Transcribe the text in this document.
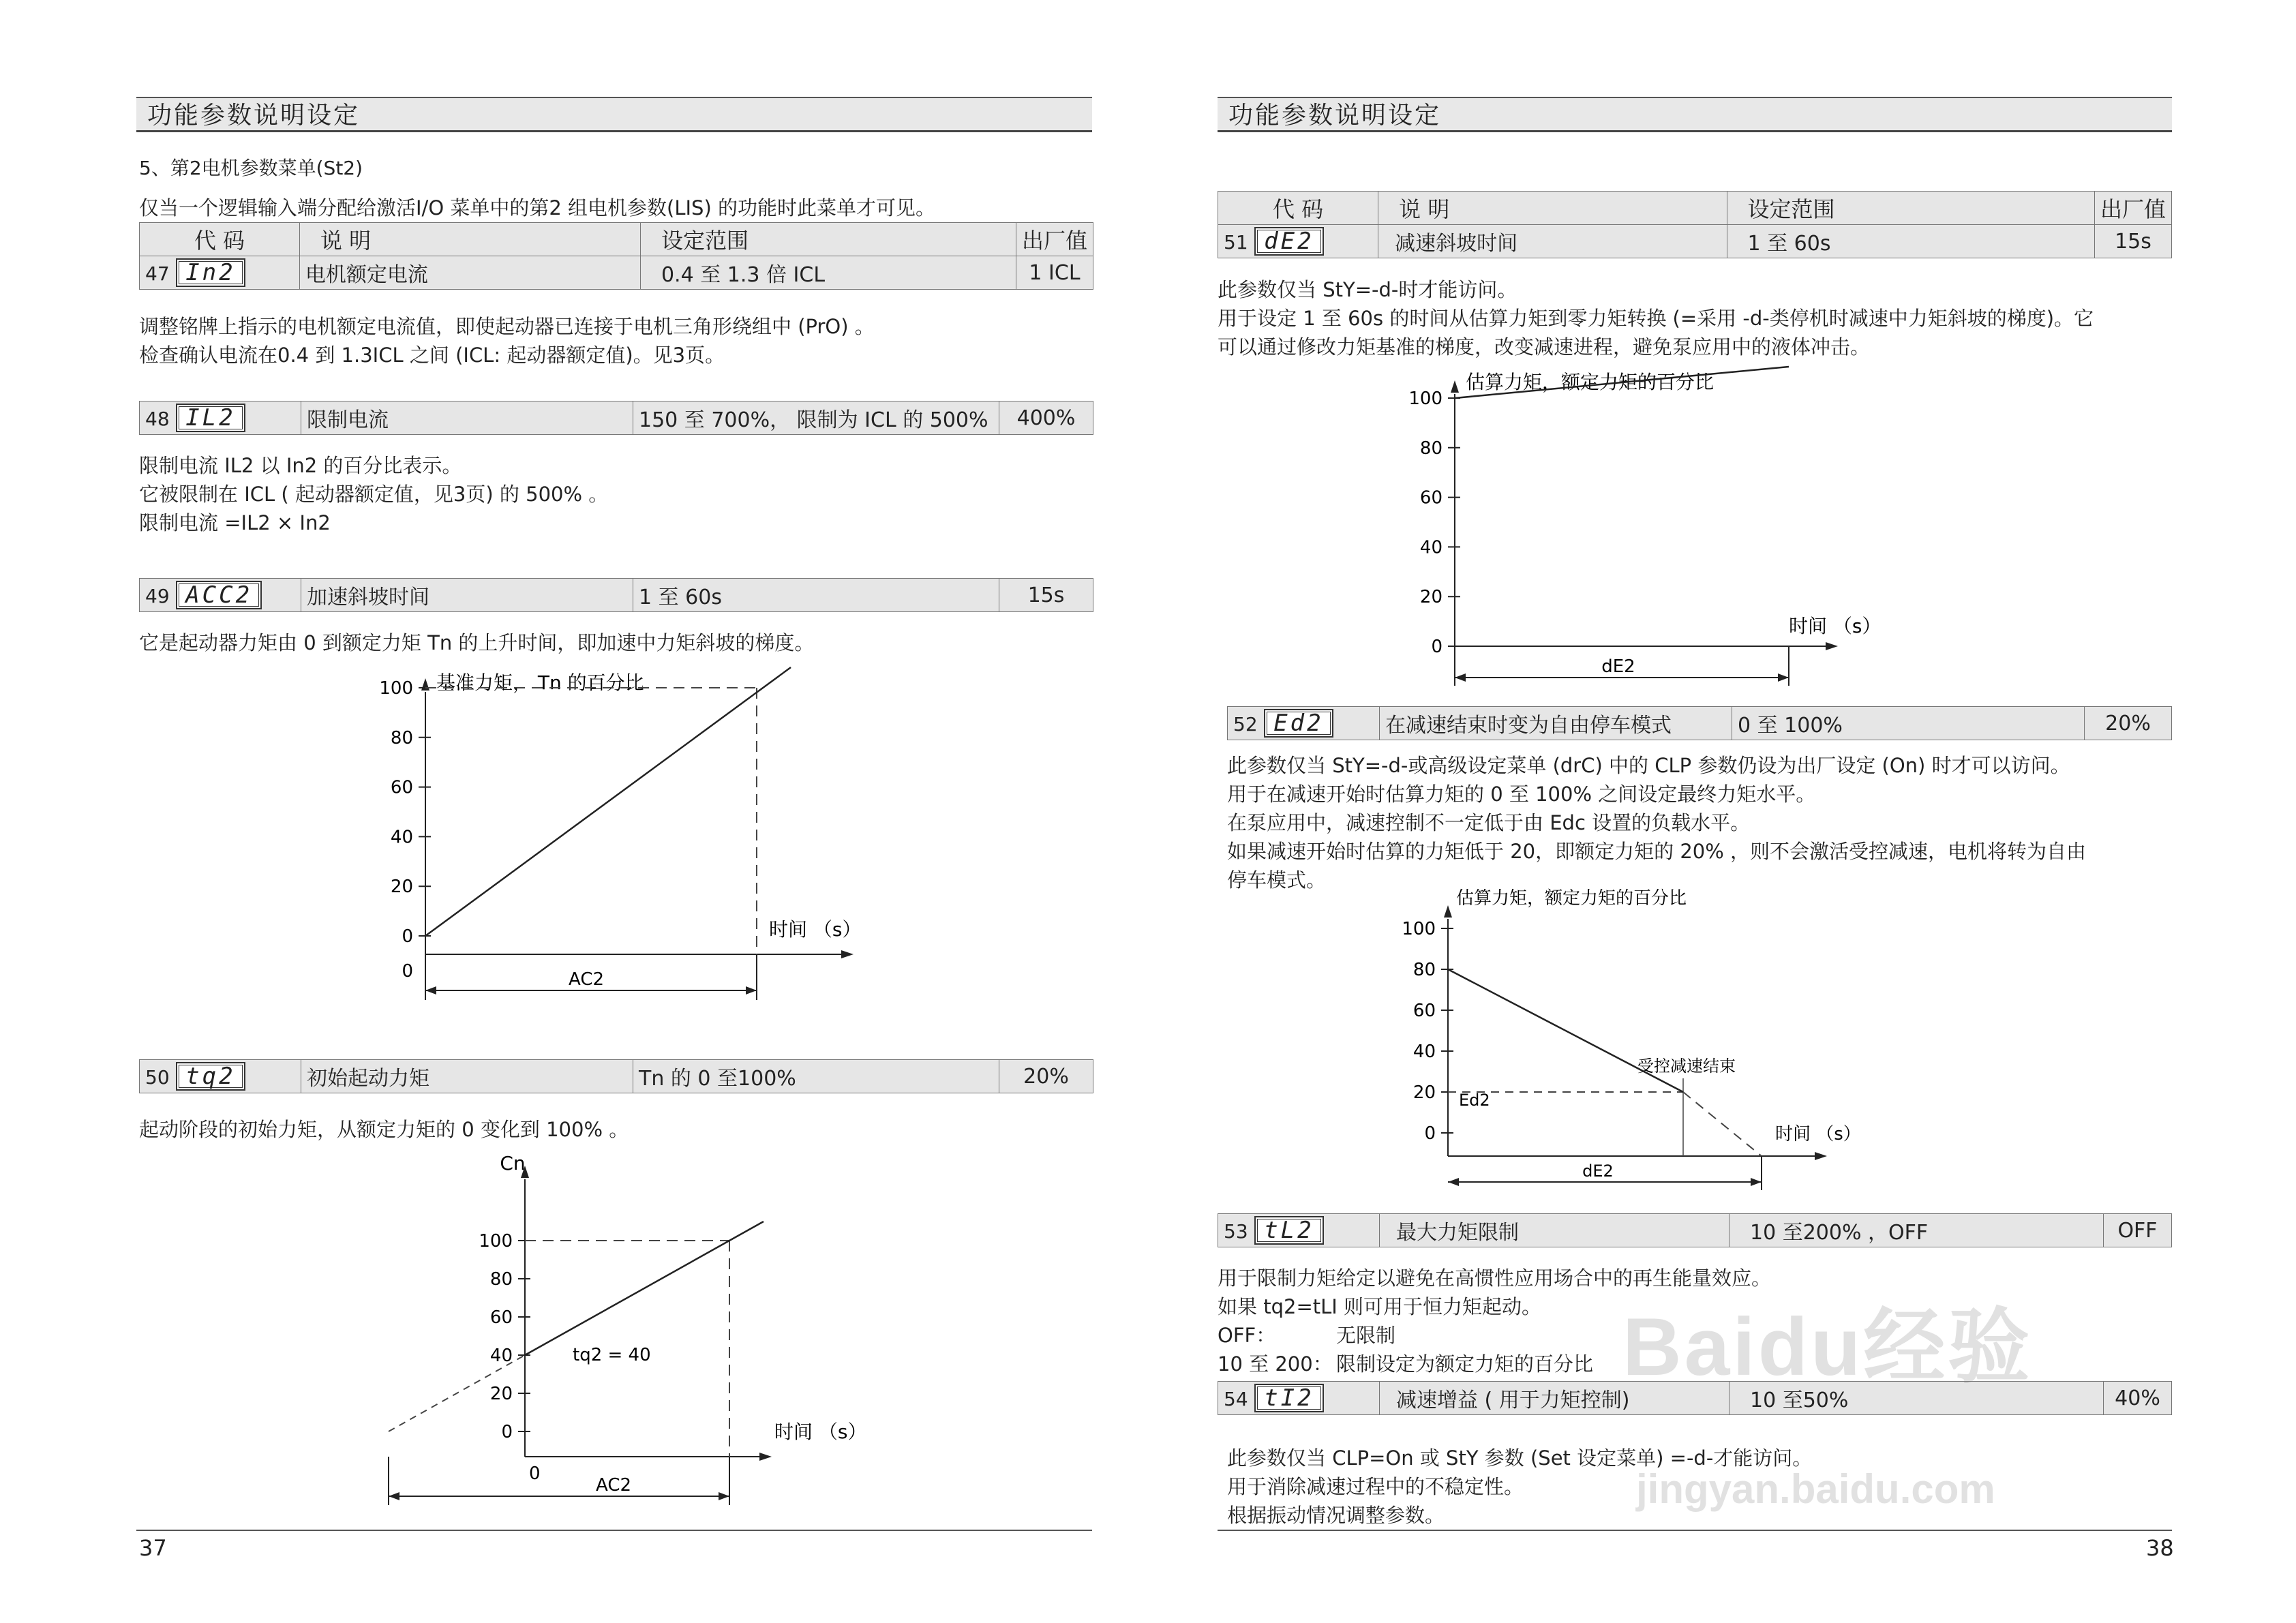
功能参数说明设定
5、第2电机参数菜单(St2)
仅当一个逻辑输入端分配给激活I/O 菜单中的第2 组电机参数(LIS) 的功能时此菜单才可见。
代 码	说 明	设定范围	出厂值
47 In2	电机额定电流	0.4 至 1.3 倍 ICL	1 ICL
调整铭牌上指示的电机额定电流值，即使起动器已连接于电机三角形绕组中 (PrO) 。
检查确认电流在0.4 到 1.3ICL 之间 (ICL: 起动器额定值)。见3页。
48 IL2	限制电流	150 至 700%， 限制为 ICL 的 500%	400%
限制电流 IL2 以 In2 的百分比表示。
它被限制在 ICL ( 起动器额定值，见3页) 的 500% 。
限制电流 =IL2 × In2
49 ACC2	加速斜坡时间	1 至 60s	15s
它是起动器力矩由 0 到额定力矩 Tn 的上升时间，即加速中力矩斜坡的梯度。
基准力矩， Tn 的百分比
时间 （s）
100
80
60
40
20
0
0	AC2
50 tq2	初始起动力矩	Tn 的 0 至100%	20%
起动阶段的初始力矩，从额定力矩的 0 变化到 100% 。
Cn
时间 （s）
100
80
60
40
20
0
0
tq2 = 40
AC2
37
功能参数说明设定
代 码	说 明	设定范围	出厂值
51 dE2	减速斜坡时间	1 至 60s	15s
此参数仅当 StY=-d-时才能访问。
用于设定 1 至 60s 的时间从估算力矩到零力矩转换 (=采用 -d-类停机时减速中力矩斜坡的梯度)。它
可以通过修改力矩基准的梯度，改变减速进程，避免泵应用中的液体冲击。
估算力矩，额定力矩的百分比
时间 （s）
100
80
60
40
20
0
dE2
52 Ed2	在减速结束时变为自由停车模式	0 至 100%	20%
此参数仅当 StY=-d-或高级设定菜单 (drC) 中的 CLP 参数仍设为出厂设定 (On) 时才可以访问。
用于在减速开始时估算力矩的 0 至 100% 之间设定最终力矩水平。
在泵应用中，减速控制不一定低于由 Edc 设置的负载水平。
如果减速开始时估算的力矩低于 20，即额定力矩的 20% ，则不会激活受控减速，电机将转为自由
停车模式。
估算力矩，额定力矩的百分比
时间 （s）
100
80
60
40
20
0
Ed2
受控减速结束
dE2
53 tL2	最大力矩限制	10 至200% ，OFF	OFF
用于限制力矩给定以避免在高惯性应用场合中的再生能量效应。
如果 tq2=tLI 则可用于恒力矩起动。
OFF：	无限制
10 至 200： 限制设定为额定力矩的百分比
54 tI2	减速增益 ( 用于力矩控制)	10 至50%	40%
此参数仅当 CLP=On 或 StY 参数 (Set 设定菜单) =-d-才能访问。
用于消除减速过程中的不稳定性。
根据振动情况调整参数。
38
Baidu经验
jingyan.baidu.com
